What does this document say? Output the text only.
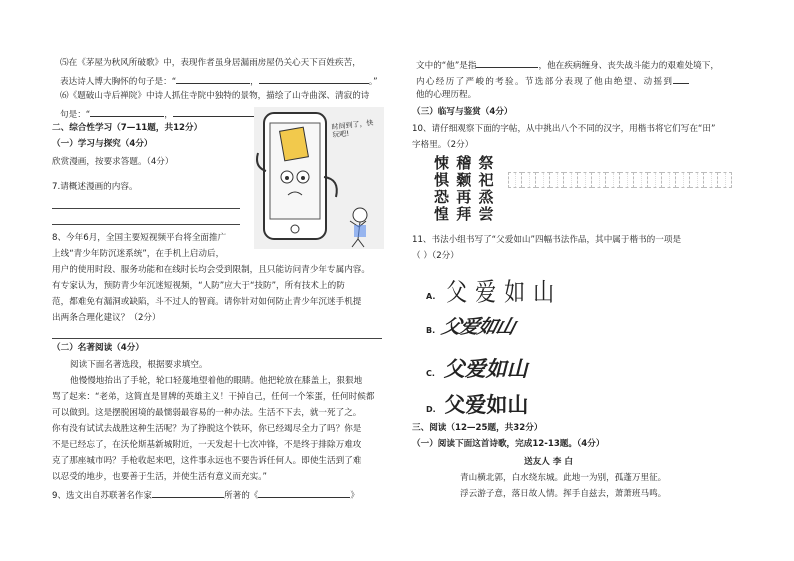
⑸在《茅屋为秋风所破歌》中，表现作者虽身居漏雨房屋仍关心天下百姓疾苦，
表达诗人博大胸怀的句子是：“	，	。”
⑹《题破山寺后禅院》中诗人抓住寺院中独特的景物，描绘了山寺曲深、清寂的诗
句是：“	，
二、综合性学习（7—11题，共12分）
（一）学习与探究（4分）
欣赏漫画，按要求答题。（4分）
7.请概述漫画的内容。
时间到了，快玩吧!
8、今年6月，全国主要短视频平台将全面推广
上线“青少年防沉迷系统”，在手机上启动后，
用户的使用时段、服务功能和在线时长均会受到限制，且只能访问青少年专属内容。
有专家认为，预防青少年沉迷短视频，“人防”应大于“技防”，所有技术上的防
范，都难免有漏洞或缺陷，斗不过人的智商。请你针对如何防止青少年沉迷手机提
出两条合理化建议？（2分）
（二）名著阅读（4分）
阅读下面名著选段，根据要求填空。
他慢慢地抬出了手轮，轮口轻蔑地望着他的眼睛。他把轮放在膝盖上，狠狠地
骂了起来：“老弟，这简直是冒牌的英雄主义！干掉自己，任何一个笨蛋，任何时候都
可以做到。这是摆脱困境的最懦弱最容易的一种办法。生活不下去，就一死了之。
你有没有试试去战胜这种生活呢？为了挣脱这个铁环，你已经竭尽全力了吗？你是
不是已经忘了，在沃伦斯基新城附近，一天发起十七次冲锋，不是终于排除万难攻
克了那座城市吗？手枪收起来吧，这件事永远也不要告诉任何人。即使生活到了难
以忍受的地步，也要善于生活，并使生活有意义而充实。”
9、选文出自苏联著名作家	所著的《	》
文中的“他”是指	，他在疾病缠身、丧失战斗能力的艰难处境下，
内心经历了严峻的考验。节选部分表现了他由绝望、动摇到
他的心理历程。
（三）临写与鉴赏（4分）
10、请仔细观察下面的字帖，从中挑出八个不同的汉字，用楷书将它们写在“田”
字格里。（2分）
悚 稽 祭
惧 颡 祀
恐 再 烝
惶 拜 尝
11、书法小组书写了“父爱如山”四幅书法作品，其中属于楷书的一项是
（ ）（2分）
A. 父爱如山
B. 父爱如山
C. 父爱如山
D. 父爱如山
三、阅读（12—25题，共32分）
（一）阅读下面这首诗歌，完成12-13题。（4分）
送友人 李 白
青山横北郭，白水绕东城。此地一为别，孤蓬万里征。
浮云游子意，落日故人情。挥手自兹去，萧萧班马鸣。
